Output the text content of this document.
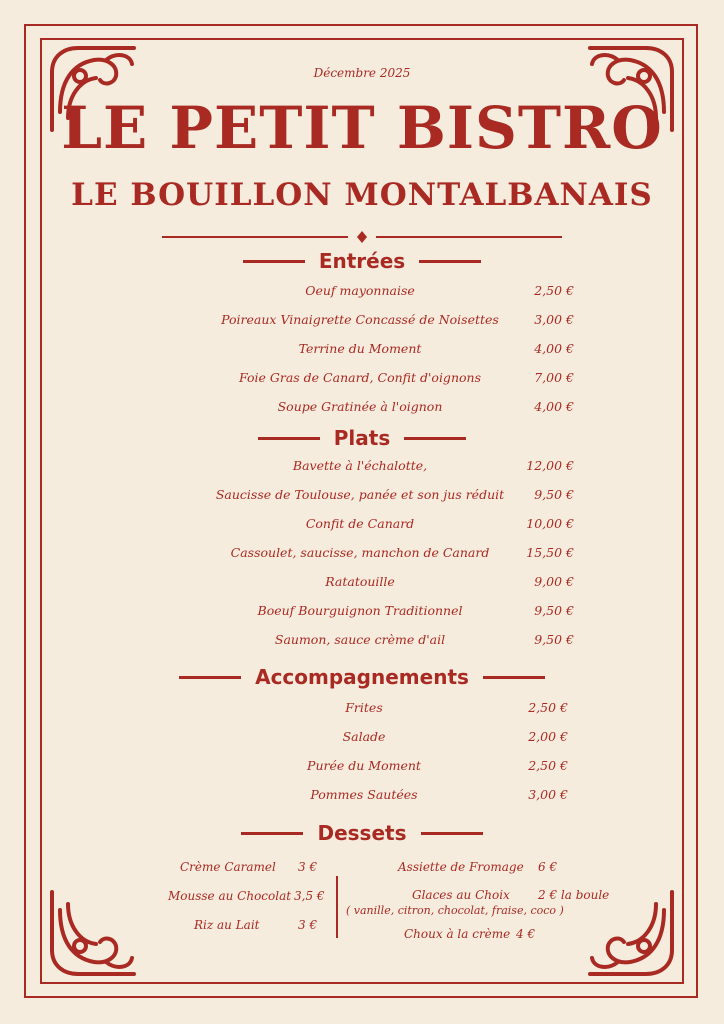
Décembre 2025
LE PETIT BISTRO
LE BOUILLON MONTALBANAIS
Entrées
Oeuf mayonnaise	2,50 €
Poireaux Vinaigrette Concassé de Noisettes	3,00 €
Terrine du Moment	4,00 €
Foie Gras de Canard, Confit d'oignons	7,00 €
Soupe Gratinée à l'oignon	4,00 €
Plats
Bavette à l'échalotte,	12,00 €
Saucisse de Toulouse, panée et son jus réduit	9,50 €
Confit de Canard	10,00 €
Cassoulet, saucisse, manchon de Canard	15,50 €
Ratatouille	9,00 €
Boeuf Bourguignon Traditionnel	9,50 €
Saumon, sauce crème d'ail	9,50 €
Accompagnements
Frites	2,50 €
Salade	2,00 €
Purée du Moment	2,50 €
Pommes Sautées	3,00 €
Dessets
Crème Caramel 3 €
Mousse au Chocolat 3,5 €
Riz au Lait	3 €
Assiette de Fromage 6 €
Glaces au Choix 2 € la boule
( vanille, citron, chocolat, fraise, coco )
Choux à la crème 4 €
